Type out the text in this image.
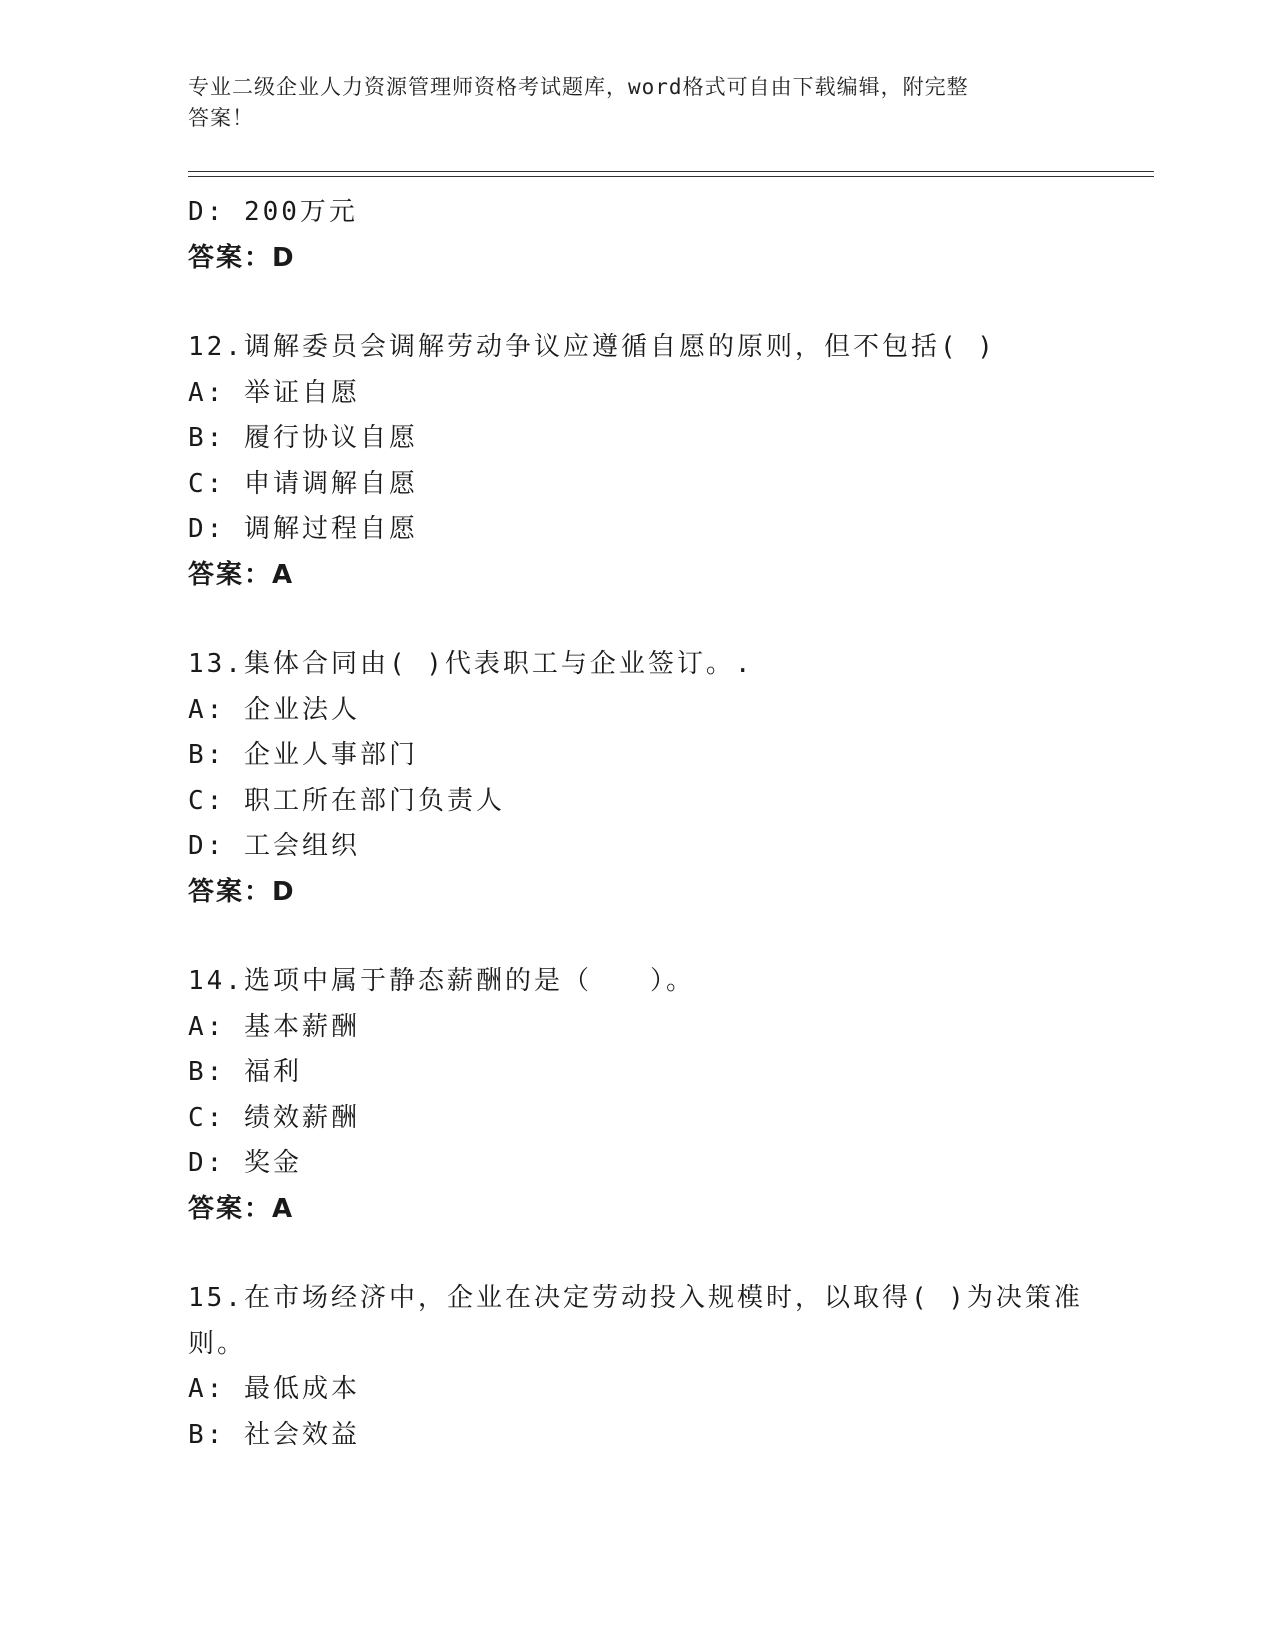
专业二级企业人力资源管理师资格考试题库，word格式可自由下载编辑，附完整
答案！
D: 200万元
答案：D
12.调解委员会调解劳动争议应遵循自愿的原则，但不包括( )
A: 举证自愿
B: 履行协议自愿
C: 申请调解自愿
D: 调解过程自愿
答案：A
13.集体合同由( )代表职工与企业签订。.
A: 企业法人
B: 企业人事部门
C: 职工所在部门负责人
D: 工会组织
答案：D
14.选项中属于静态薪酬的是（　　）。
A: 基本薪酬
B: 福利
C: 绩效薪酬
D: 奖金
答案：A
15.在市场经济中，企业在决定劳动投入规模时，以取得( )为决策准
则。
A: 最低成本
B: 社会效益
